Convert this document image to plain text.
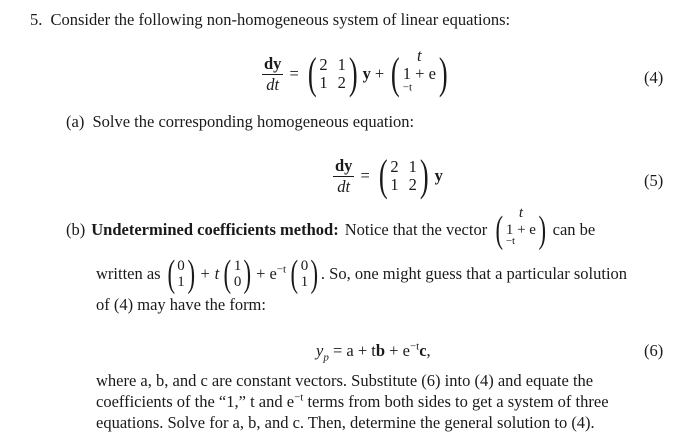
5. Consider the following non-homogeneous system of linear equations:
$\frac{dy}{dt}$ = ( 2 1
1 2 ) y + ( t
1 + e
$^{-t}$ )	(4)
(a) Solve the corresponding homogeneous equation:
$\frac{dy}{dt}$ = ( 2 1
1 2 ) y	(5)
(b) Undetermined coefficients method: Notice that the vector ( t
1 + e
$^{-t}$ ) can be
written as ( 0
1 ) + t ( 1
0 ) + $e^{-t}$ ( 0
1 ) . So, one might guess that a particular solution
of (4) may have the form:
$y_p = a$ + tb + $e^{-t}c$,	(6)
where a, b, and c are constant vectors. Substitute (6) into (4) and equate the
coefficients of the “1,” t and $e^{-t}$ terms from both sides to get a system of three
equations. Solve for a, b, and c. Then, determine the general solution to (4).
